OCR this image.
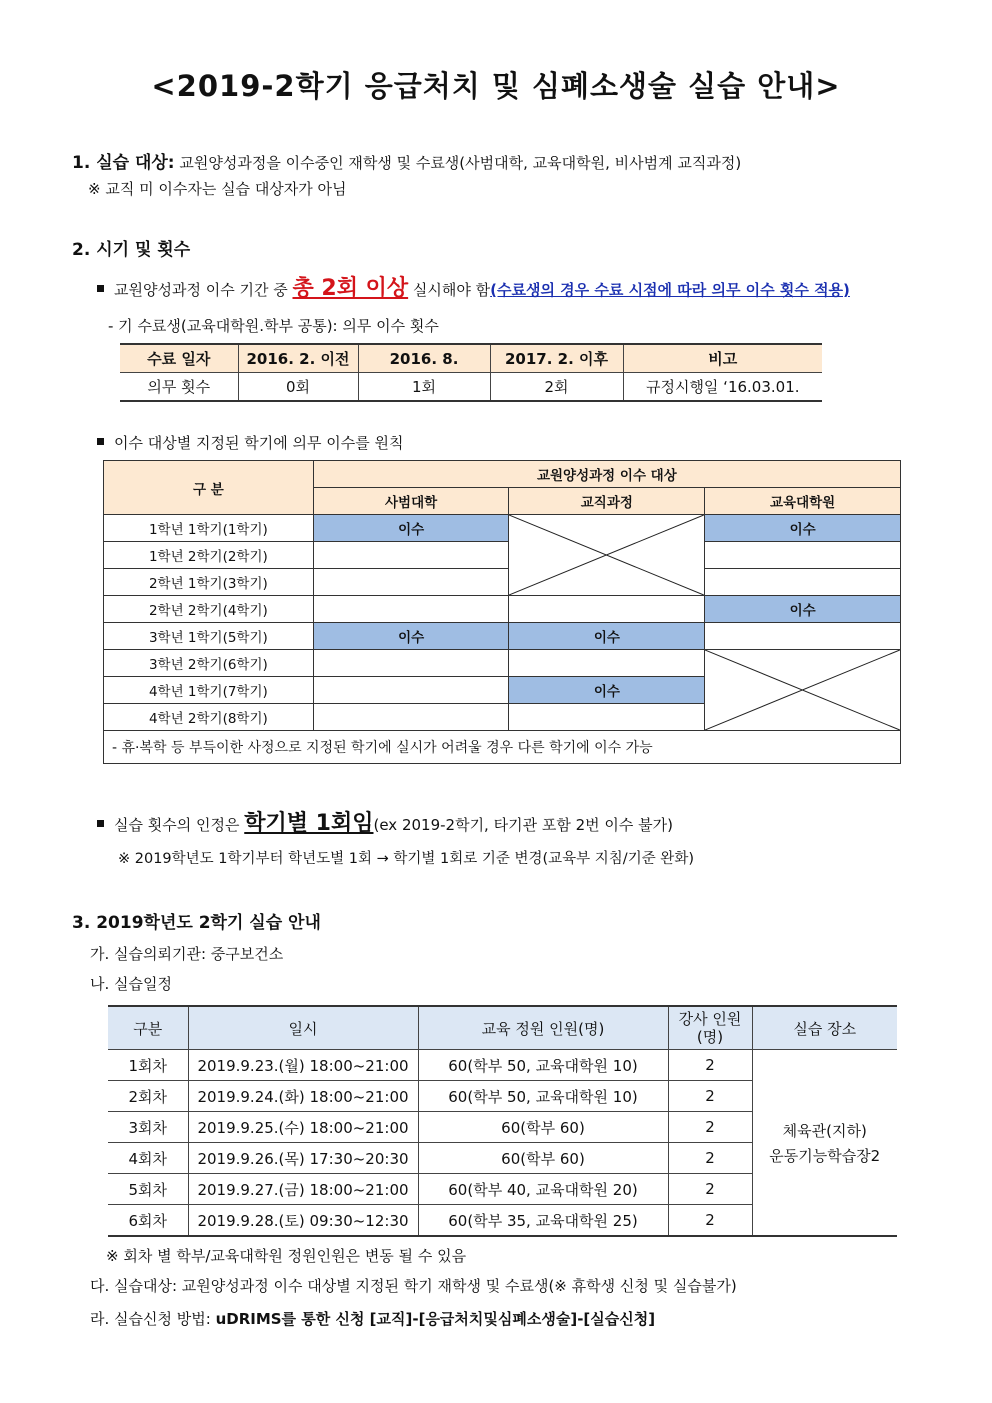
<2019-2학기 응급처치 및 심폐소생술 실습 안내>
1. 실습 대상: 교원양성과정을 이수중인 재학생 및 수료생(사범대학, 교육대학원, 비사범계 교직과정)
※ 교직 미 이수자는 실습 대상자가 아님
2. 시기 및 횟수
교원양성과정 이수 기간 중 총 2회 이상 실시해야 함(수료생의 경우 수료 시점에 따라 의무 이수 횟수 적용)
- 기 수료생(교육대학원.학부 공통): 의무 이수 횟수
수료 일자	2016. 2. 이전	2016. 8.	2017. 2. 이후	비고
의무 횟수	0회	1회	2회	규정시행일 ‘16.03.01.
이수 대상별 지정된 학기에 의무 이수를 원칙
구 분	교원양성과정 이수 대상		
	사범대학	교직과정	교육대학원
1학년 1학기(1학기)	이수		이수
1학년 2학기(2학기)			
2학년 1학기(3학기)			
2학년 2학기(4학기)			이수
3학년 1학기(5학기)	이수	이수	
3학년 2학기(6학기)			

4학년 1학기(7학기)		이수	
4학년 2학기(8학기)			
- 휴·복학 등 부득이한 사정으로 지정된 학기에 실시가 어려울 경우 다른 학기에 이수 가능			
실습 횟수의 인정은 학기별 1회임(ex 2019-2학기, 타기관 포함 2번 이수 불가)
※ 2019학년도 1학기부터 학년도별 1회 → 학기별 1회로 기준 변경(교육부 지침/기준 완화)
3. 2019학년도 2학기 실습 안내
가. 실습의뢰기관: 중구보건소
나. 실습일정
구분	일시	교육 정원 인원(명)	강사 인원(명)	실습 장소
1회차	2019.9.23.(월) 18:00~21:00	60(학부 50, 교육대학원 10)	2	체육관(지하)
운동기능학습장2

2회차	2019.9.24.(화) 18:00~21:00	60(학부 50, 교육대학원 10)	2	
3회차	2019.9.25.(수) 18:00~21:00	60(학부 60)	2	
4회차	2019.9.26.(목) 17:30~20:30	60(학부 60)	2	
5회차	2019.9.27.(금) 18:00~21:00	60(학부 40, 교육대학원 20)	2	
6회차	2019.9.28.(토) 09:30~12:30	60(학부 35, 교육대학원 25)	2	
※ 회차 별 학부/교육대학원 정원인원은 변동 될 수 있음
다. 실습대상: 교원양성과정 이수 대상별 지정된 학기 재학생 및 수료생(※ 휴학생 신청 및 실습불가)
라. 실습신청 방법: uDRIMS를 통한 신청 [교직]-[응급처치및심폐소생술]-[실습신청]
